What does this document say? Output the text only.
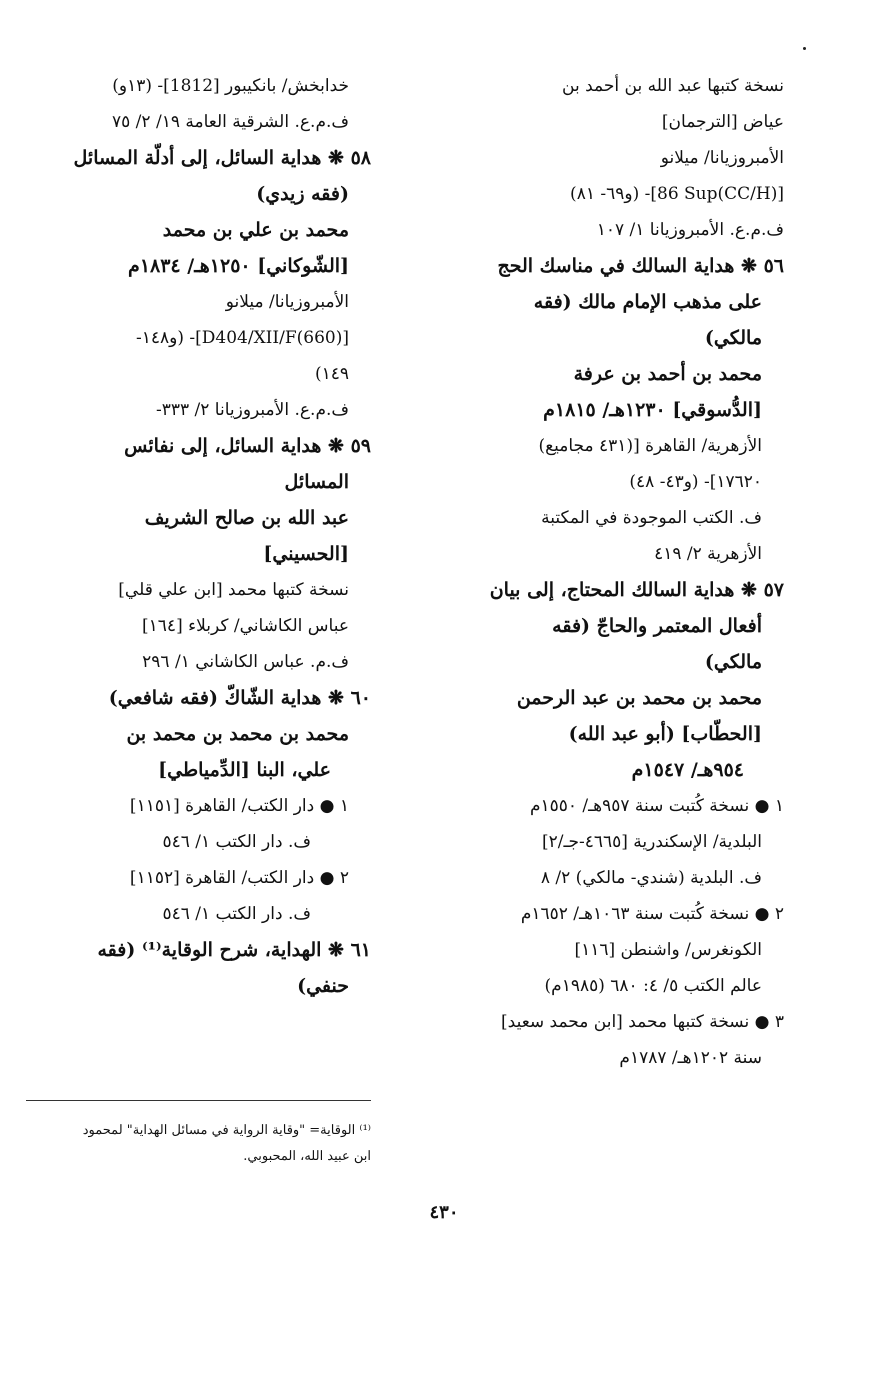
نسخة كتبها عبد الله بن أحمد بن
عياض [الترجمان]
الأمبروزيانا/ ميلانو
[(CC/H)86 Sup]- (و٦٩- ٨١)
ف.م.ع. الأمبروزيانا ١/ ١٠٧
٥٦ ❋ هداية السالك في مناسك الحج
على مذهب الإمام مالك (فقه
مالكي)
محمد بن أحمد بن عرفة
[الدُّسوقي] ١٢٣٠هـ/ ١٨١٥م
الأزهرية/ القاهرة [(٤٣١ مجاميع)
١٧٦٢٠]- (و٤٣- ٤٨)
ف. الكتب الموجودة في المكتبة
الأزهرية ٢/ ٤١٩
٥٧ ❋ هداية السالك المحتاج، إلى بيان
أفعال المعتمر والحاجّ (فقه
مالكي)
محمد بن محمد بن عبد الرحمن
[الحطّاب] (أبو عبد الله)
٩٥٤هـ/ ١٥٤٧م
١ ● نسخة كُتبت سنة ٩٥٧هـ/ ١٥٥٠م
البلدية/ الإسكندرية [٤٦٦٥-جـ/٢]
ف. البلدية (شندي- مالكي) ٢/ ٨
٢ ● نسخة كُتبت سنة ١٠٦٣هـ/ ١٦٥٢م
الكونغرس/ واشنطن [١١٦]
عالم الكتب ٥/ ٤: ٦٨٠ (١٩٨٥م)
٣ ● نسخة كتبها محمد [ابن محمد سعيد]
سنة ١٢٠٢هـ/ ١٧٨٧م
خدابخش/ بانكيبور [1812]- (١٣و)
ف.م.ع. الشرقية العامة ١٩/ ٢/ ٧٥
٥٨ ❋ هداية السائل، إلى أدلّة المسائل
(فقه زيدي)
محمد بن علي بن محمد
[الشّوكاني] ١٢٥٠هـ/ ١٨٣٤م
الأمبروزيانا/ ميلانو
[(660)D404/XII/F]- (و١٤٨-
١٤٩)
ف.م.ع. الأمبروزيانا ٢/ ٣٣٣-
٥٩ ❋ هداية السائل، إلى نفائس
المسائل
عبد الله بن صالح الشريف
[الحسيني]
نسخة كتبها محمد [ابن علي قلي]
عباس الكاشاني/ كربلاء [١٦٤]
ف.م. عباس الكاشاني ١/ ٢٩٦
٦٠ ❋ هداية الشّاكّ (فقه شافعي)
محمد بن محمد بن محمد بن
علي، البنا [الدِّمياطي]
١ ● دار الكتب/ القاهرة [١١٥١]
ف. دار الكتب ١/ ٥٤٦
٢ ● دار الكتب/ القاهرة [١١٥٢]
ف. دار الكتب ١/ ٥٤٦
٦١ ❋ الهداية، شرح الوقاية⁽¹⁾ (فقه
حنفي)
⁽¹⁾ الوقاية= "وقاية الرواية في مسائل الهداية" لمحمود
ابن عبيد الله، المحبوبي.
٤٣٠
